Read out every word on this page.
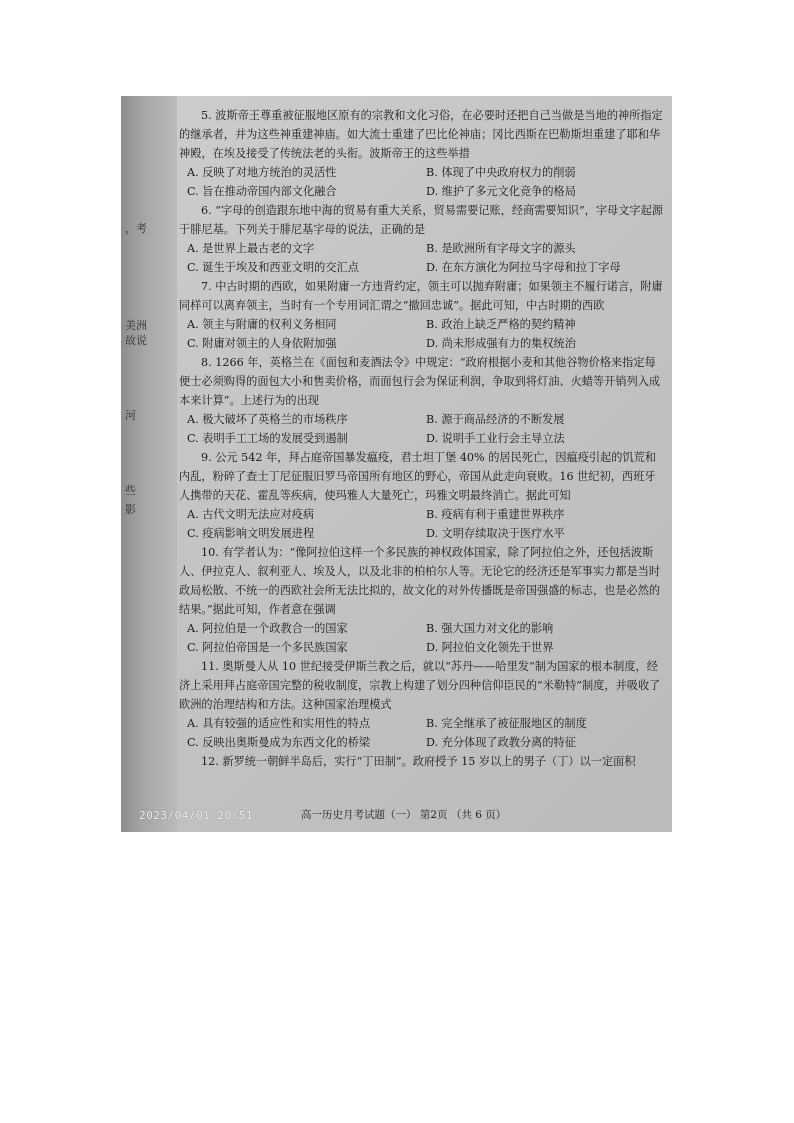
，考
美洲
故说
河
些
影

5. 波斯帝王尊重被征服地区原有的宗教和文化习俗，在必要时还把自己当做是当地的神所指定的继承者，并为这些神重建神庙。如大流士重建了巴比伦神庙；冈比西斯在巴勒斯坦重建了耶和华神殿，在埃及接受了传统法老的头衔。波斯帝王的这些举措

A. 反映了对地方统治的灵活性	B. 体现了中央政府权力的削弱
C. 旨在推动帝国内部文化融合	D. 维护了多元文化竞争的格局

6. “字母的创造跟东地中海的贸易有重大关系，贸易需要记账，经商需要知识”，字母文字起源于腓尼基。下列关于腓尼基字母的说法，正确的是

A. 是世界上最古老的文字	B. 是欧洲所有字母文字的源头
C. 诞生于埃及和西亚文明的交汇点	D. 在东方演化为阿拉马字母和拉丁字母

7. 中古时期的西欧，如果附庸一方违背约定，领主可以抛弃附庸；如果领主不履行诺言，附庸同样可以离弃领主，当时有一个专用词汇谓之“撤回忠诚”。据此可知，中古时期的西欧

A. 领主与附庸的权利义务相同	B. 政治上缺乏严格的契约精神
C. 附庸对领主的人身依附加强	D. 尚未形成强有力的集权统治

8. 1266 年，英格兰在《面包和麦酒法令》中规定：“政府根据小麦和其他谷物价格来指定每便士必须购得的面包大小和售卖价格，而面包行会为保证利润，争取到将灯油、火蜡等开销列入成本来计算”。上述行为的出现

A. 极大破坏了英格兰的市场秩序	B. 源于商品经济的不断发展
C. 表明手工工场的发展受到遏制	D. 说明手工业行会主导立法

9. 公元 542 年，拜占庭帝国暴发瘟疫，君士坦丁堡 40% 的居民死亡，因瘟疫引起的饥荒和内乱，粉碎了查士丁尼征服旧罗马帝国所有地区的野心，帝国从此走向衰败。16 世纪初，西班牙人携带的天花、霍乱等疾病，使玛雅人大量死亡，玛雅文明最终消亡。据此可知

A. 古代文明无法应对疫病	B. 疫病有利于重建世界秩序
C. 疫病影响文明发展进程	D. 文明存续取决于医疗水平

10. 有学者认为：“像阿拉伯这样一个多民族的神权政体国家，除了阿拉伯之外，还包括波斯人、伊拉克人、叙利亚人、埃及人，以及北非的柏柏尔人等。无论它的经济还是军事实力都是当时政局松散、不统一的西欧社会所无法比拟的，故文化的对外传播既是帝国强盛的标志，也是必然的结果。”据此可知，作者意在强调

A. 阿拉伯是一个政教合一的国家	B. 强大国力对文化的影响
C. 阿拉伯帝国是一个多民族国家	D. 阿拉伯文化领先于世界

11. 奥斯曼人从 10 世纪接受伊斯兰教之后，就以“苏丹——哈里发”制为国家的根本制度，经济上采用拜占庭帝国完整的税收制度，宗教上构建了划分四种信仰臣民的“米勒特”制度，并吸收了欧洲的治理结构和方法。这种国家治理模式

A. 具有较强的适应性和实用性的特点	B. 完全继承了被征服地区的制度
C. 反映出奥斯曼成为东西文化的桥梁	D. 充分体现了政教分离的特征

12. 新罗统一朝鲜半岛后，实行“丁田制”。政府授予 15 岁以上的男子（丁）以一定面积

2023/04/01 20:51	高一历史月考试题（一） 第2页 （共 6 页）
